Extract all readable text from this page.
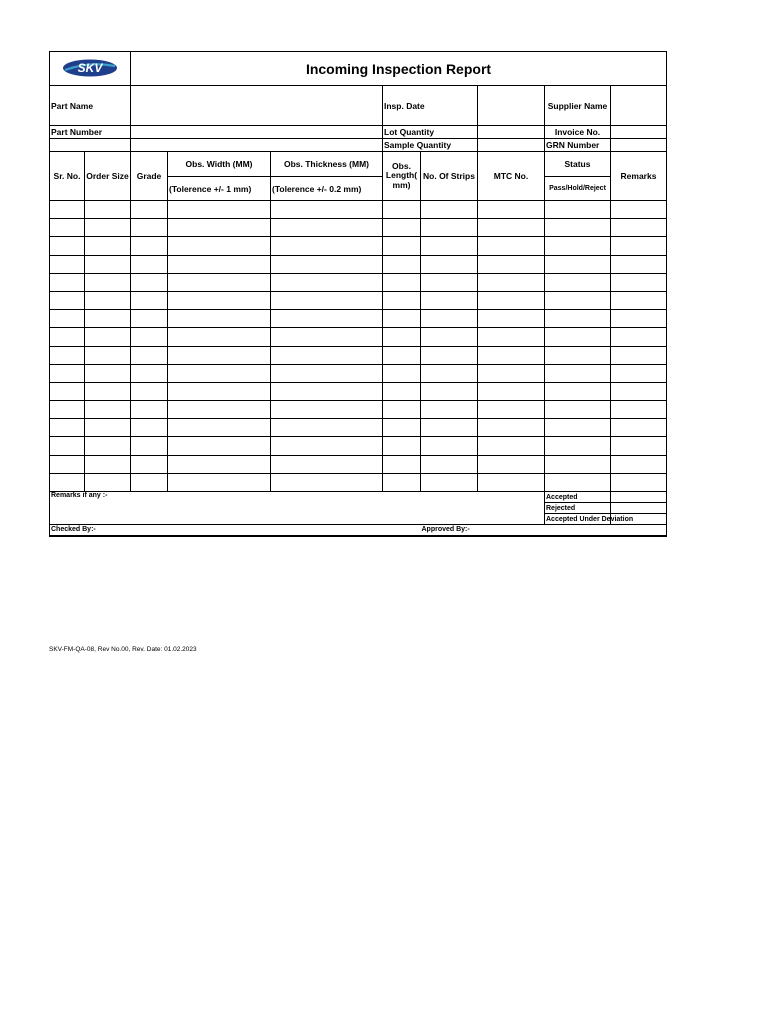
SKV		Incoming Inspection Report							
Part Name					Insp. Date			Supplier Name	
Part Number					Lot Quantity			Invoice No.	
					Sample Quantity			GRN Number	
Sr. No.	Order Size	Grade	Obs. Width (MM)	Obs. Thickness (MM)	Obs. Length( mm)	No. Of Strips	MTC No.	Status	Remarks
			(Tolerence +/- 1 mm)	(Tolerence +/- 0.2 mm)				Pass/Hold/Reject	

Remarks if any :-								Accepted	
								Rejected	
								Accepted Under Deviation	
Checked By:-						Approved By:-			
SKV-FM-QA-08, Rev No.00, Rev. Date: 01.02.2023
